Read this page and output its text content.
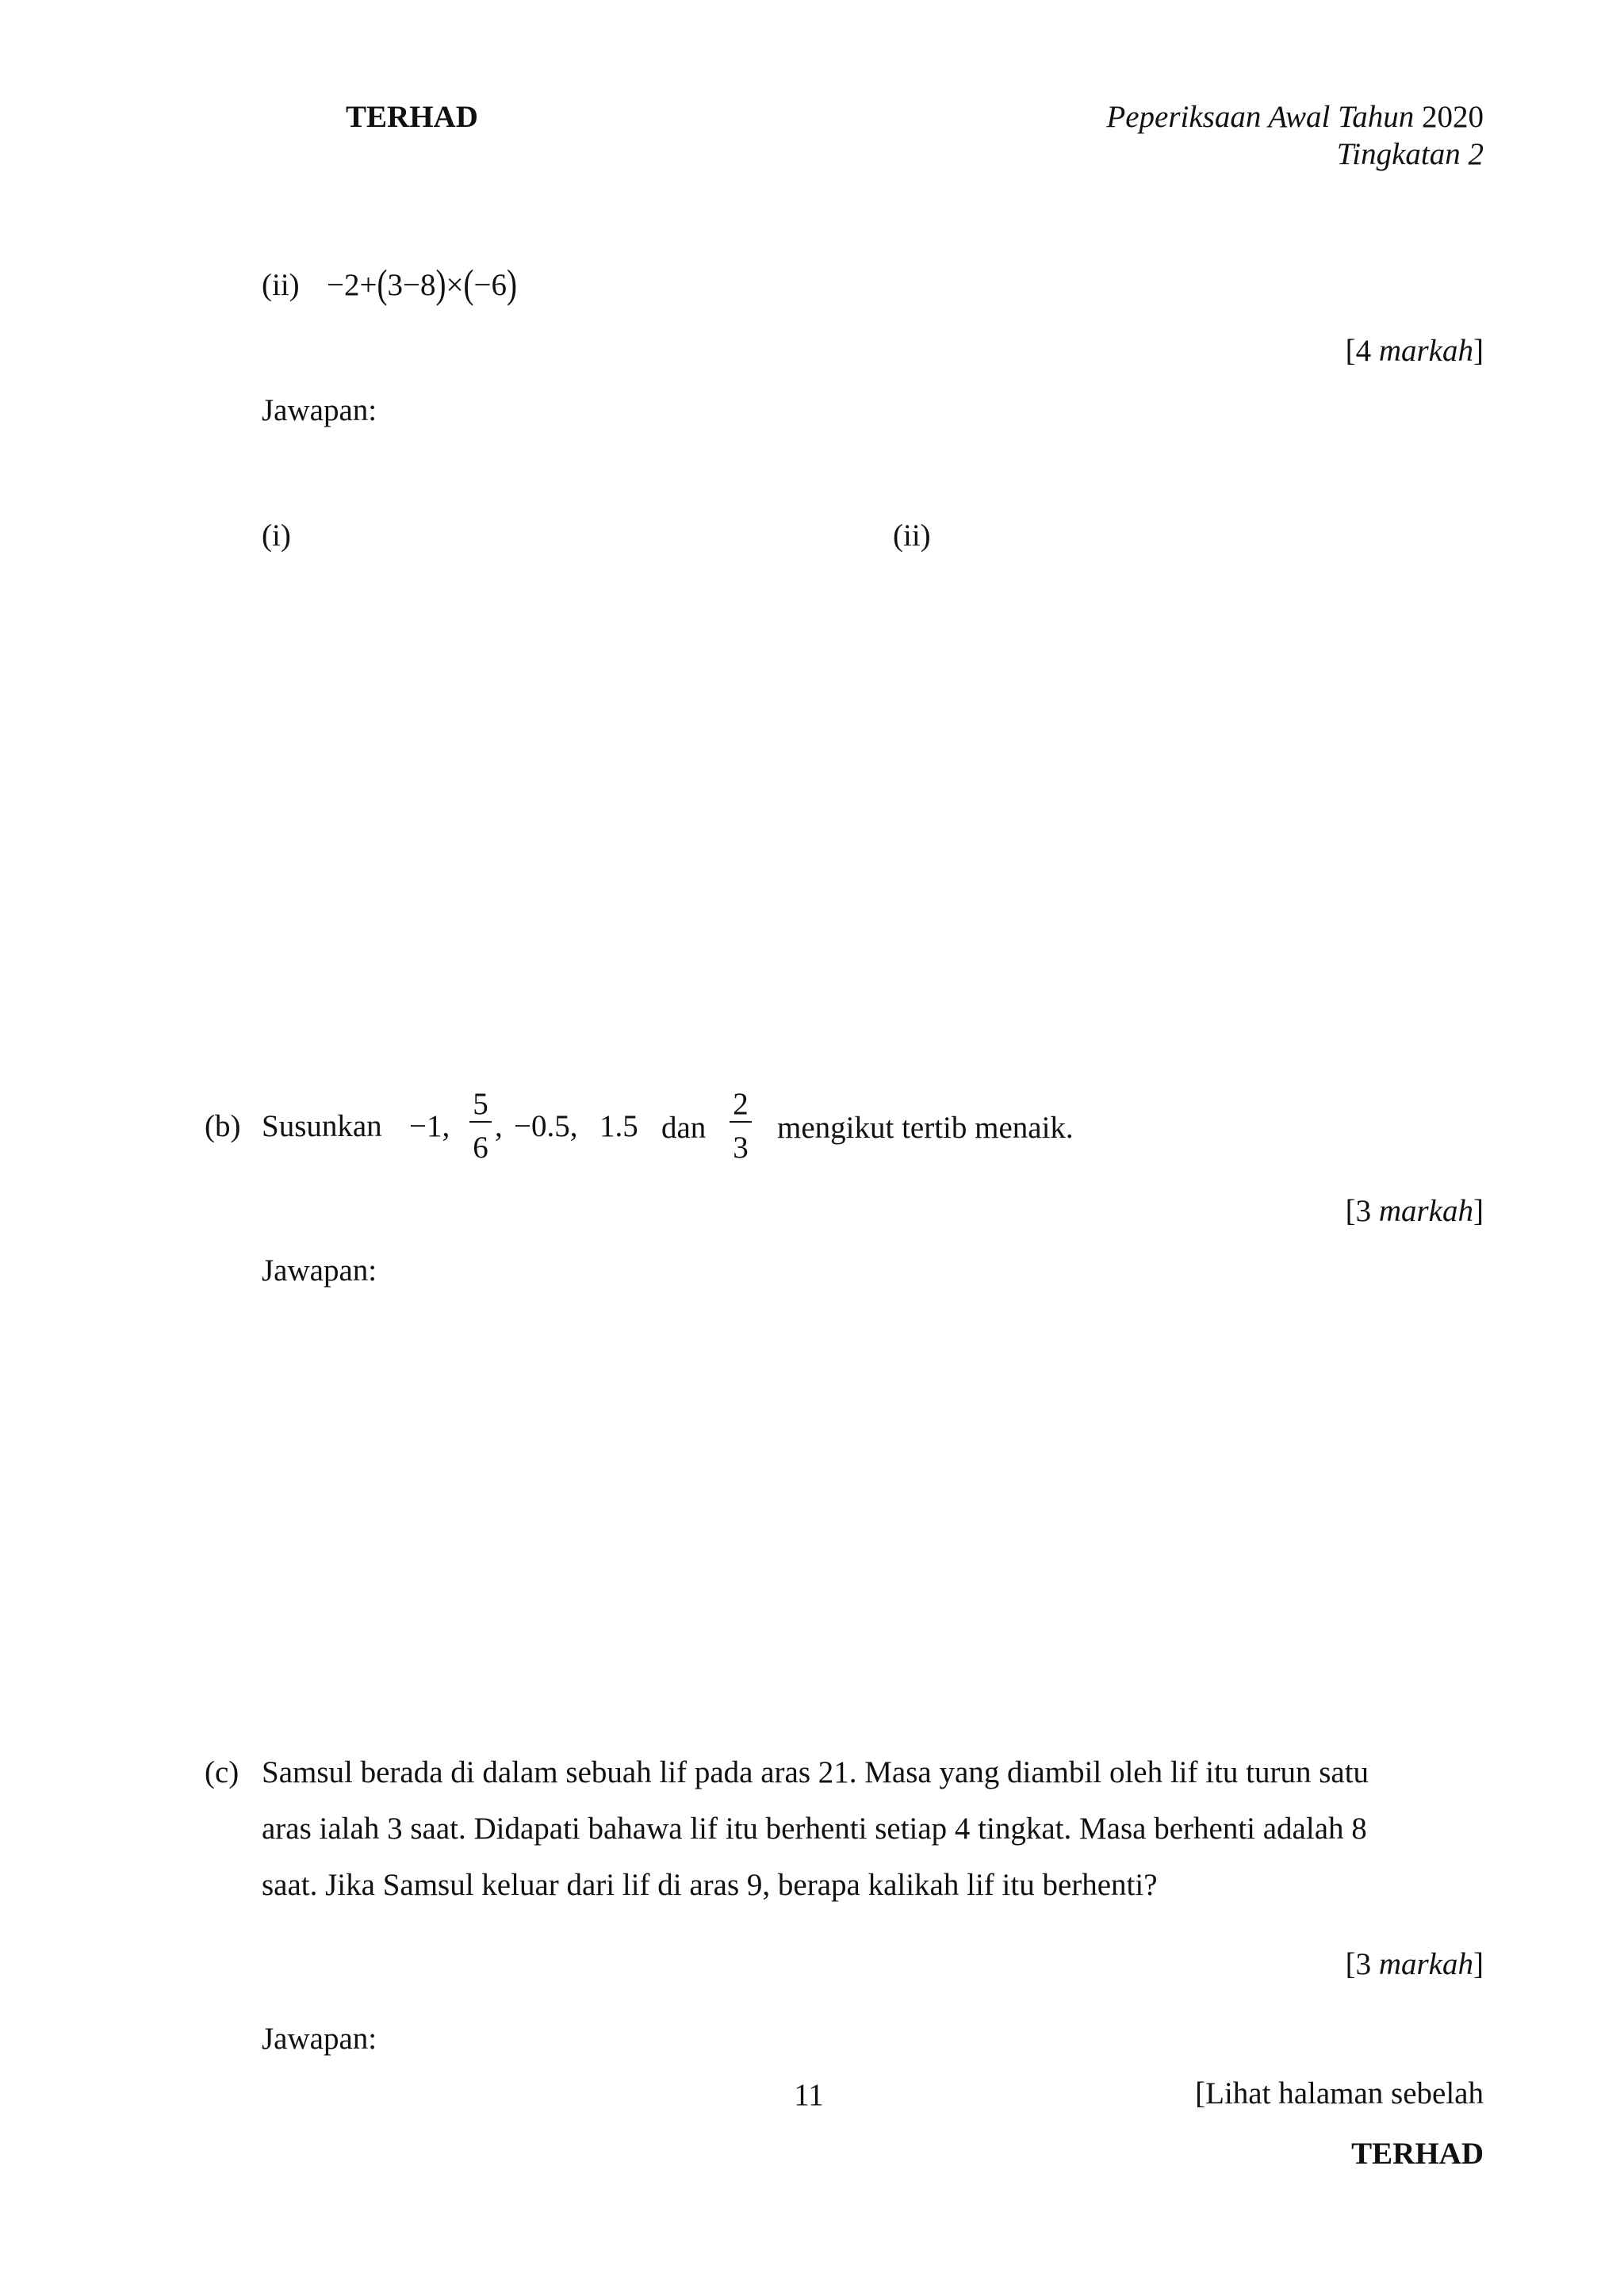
TERHAD	Peperiksaan Awal Tahun 2020
Tingkatan 2
(ii) −2+(3−8)×(−6)
[4 markah]
Jawapan:
(i)	(ii)
(b) Susunkan −1,
5
6
, −0.5, 1.5 dan
2
3
mengikut tertib menaik.
[3 markah]
Jawapan:
(c) Samsul berada di dalam sebuah lif pada aras 21. Masa yang diambil oleh lif itu turun satu
aras ialah 3 saat. Didapati bahawa lif itu berhenti setiap 4 tingkat. Masa berhenti adalah 8
saat. Jika Samsul keluar dari lif di aras 9, berapa kalikah lif itu berhenti?
[3 markah]
Jawapan:
11	[Lihat halaman sebelah
TERHAD
